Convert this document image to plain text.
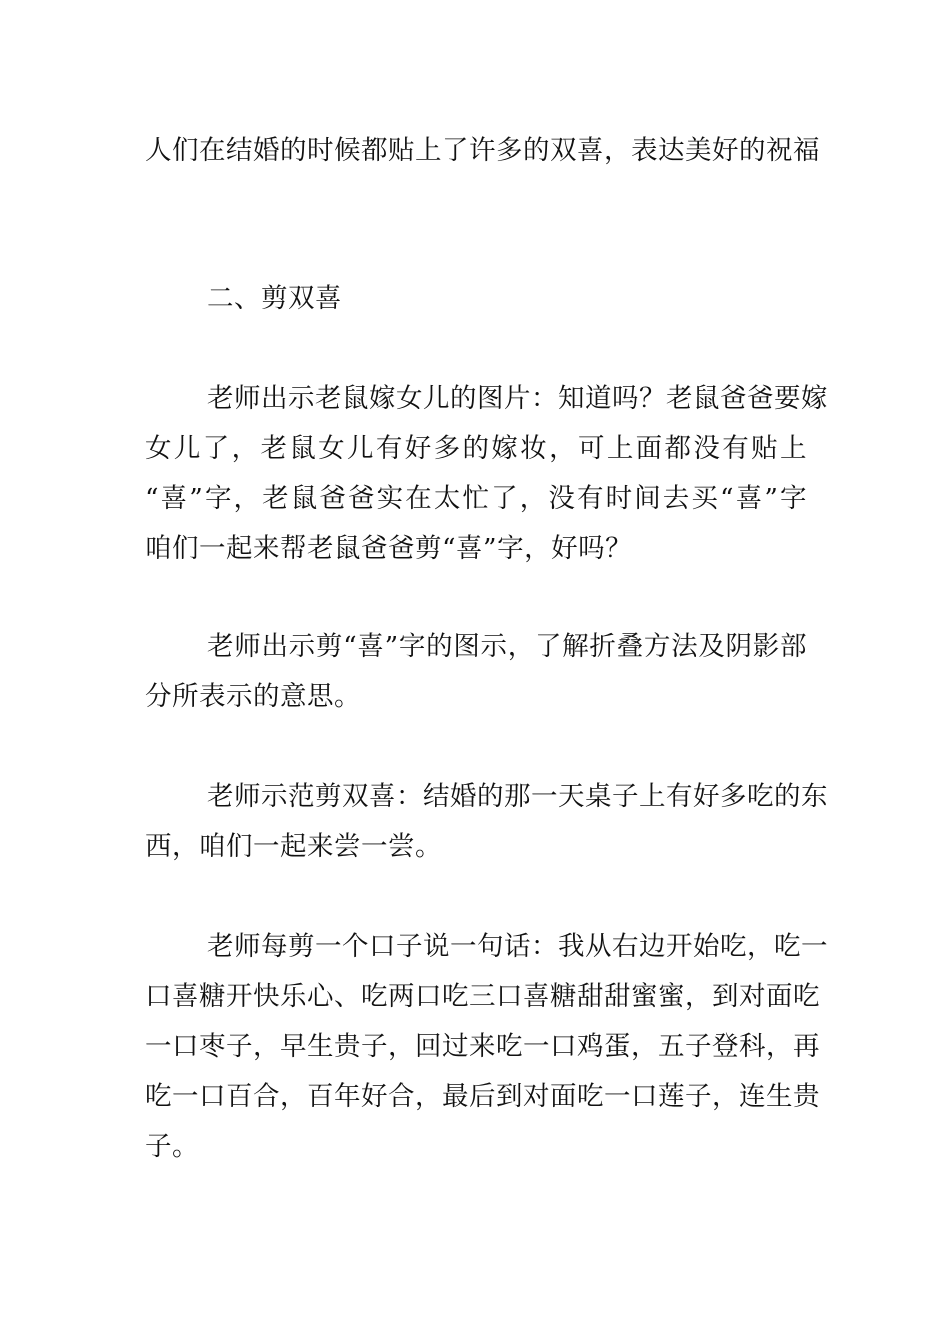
人们在结婚的时候都贴上了许多的双喜，表达美好的祝福

二、剪双喜

老师出示老鼠嫁女儿的图片：知道吗？老鼠爸爸要嫁
女儿了，老鼠女儿有好多的嫁妆，可上面都没有贴上
“喜”字，老鼠爸爸实在太忙了，没有时间去买“喜”字
咱们一起来帮老鼠爸爸剪“喜”字，好吗？

老师出示剪“喜”字的图示，了解折叠方法及阴影部
分所表示的意思。

老师示范剪双喜：结婚的那一天桌子上有好多吃的东
西，咱们一起来尝一尝。

老师每剪一个口子说一句话：我从右边开始吃，吃一
口喜糖开快乐心、吃两口吃三口喜糖甜甜蜜蜜，到对面吃
一口枣子，早生贵子，回过来吃一口鸡蛋，五子登科，再
吃一口百合，百年好合，最后到对面吃一口莲子，连生贵
子。
